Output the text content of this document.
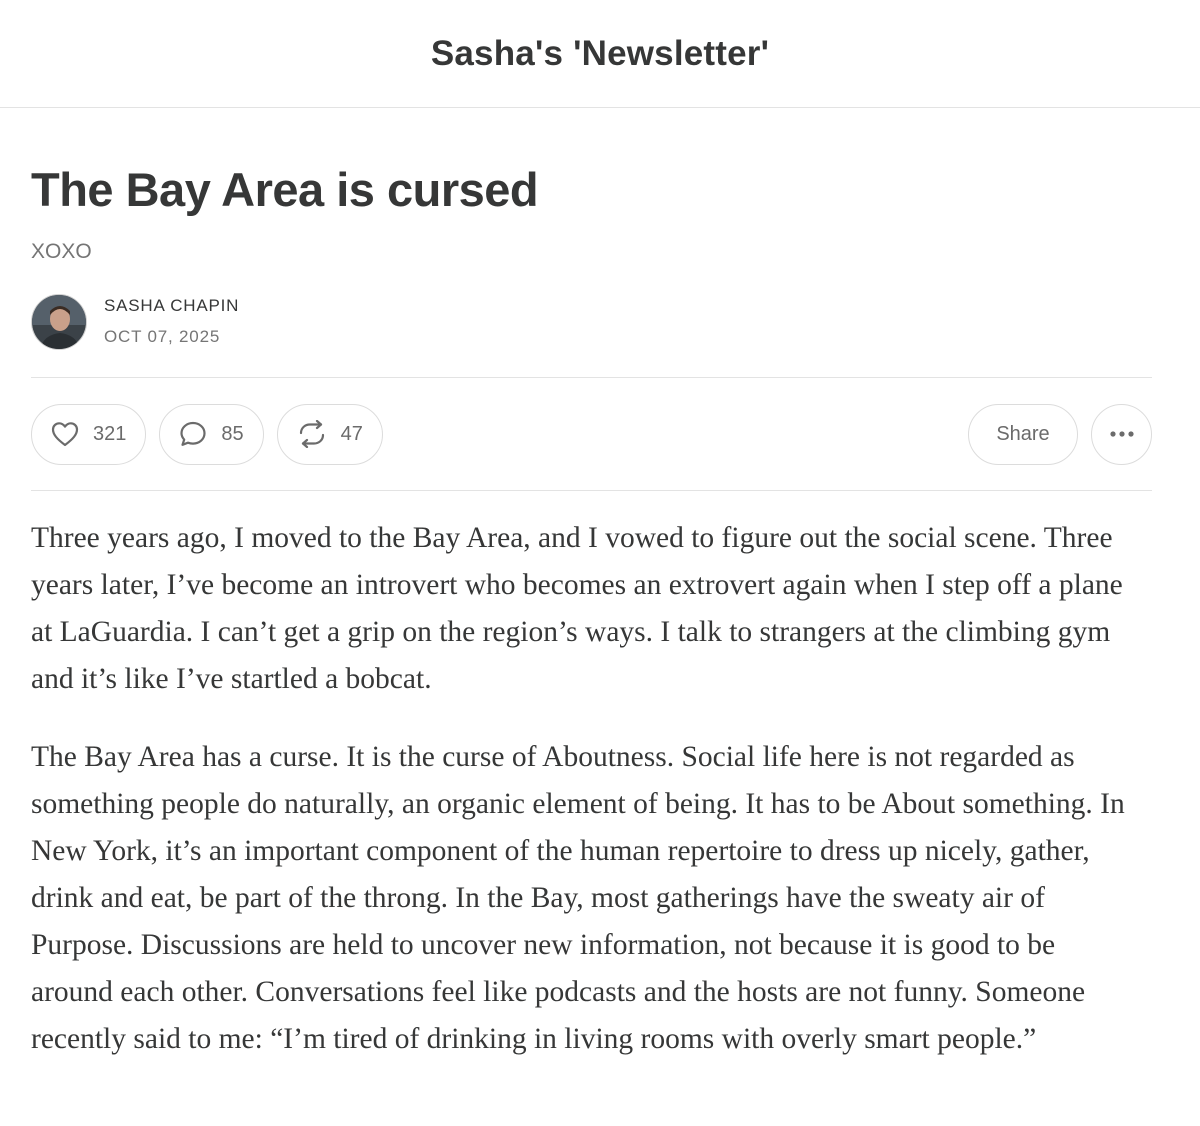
Sasha's 'Newsletter'
The Bay Area is cursed
XOXO
SASHA CHAPIN
OCT 07, 2025
321	85	47	Share

Three years ago, I moved to the Bay Area, and I vowed to figure out the social scene. Three years later, I’ve become an introvert who becomes an extrovert again when I step off a plane at LaGuardia. I can’t get a grip on the region’s ways. I talk to strangers at the climbing gym and it’s like I’ve startled a bobcat.

The Bay Area has a curse. It is the curse of Aboutness. Social life here is not regarded as something people do naturally, an organic element of being. It has to be About something. In New York, it’s an important component of the human repertoire to dress up nicely, gather, drink and eat, be part of the throng. In the Bay, most gatherings have the sweaty air of Purpose. Discussions are held to uncover new information, not because it is good to be around each other. Conversations feel like podcasts and the hosts are not funny. Someone recently said to me: “I’m tired of drinking in living rooms with overly smart people.”
